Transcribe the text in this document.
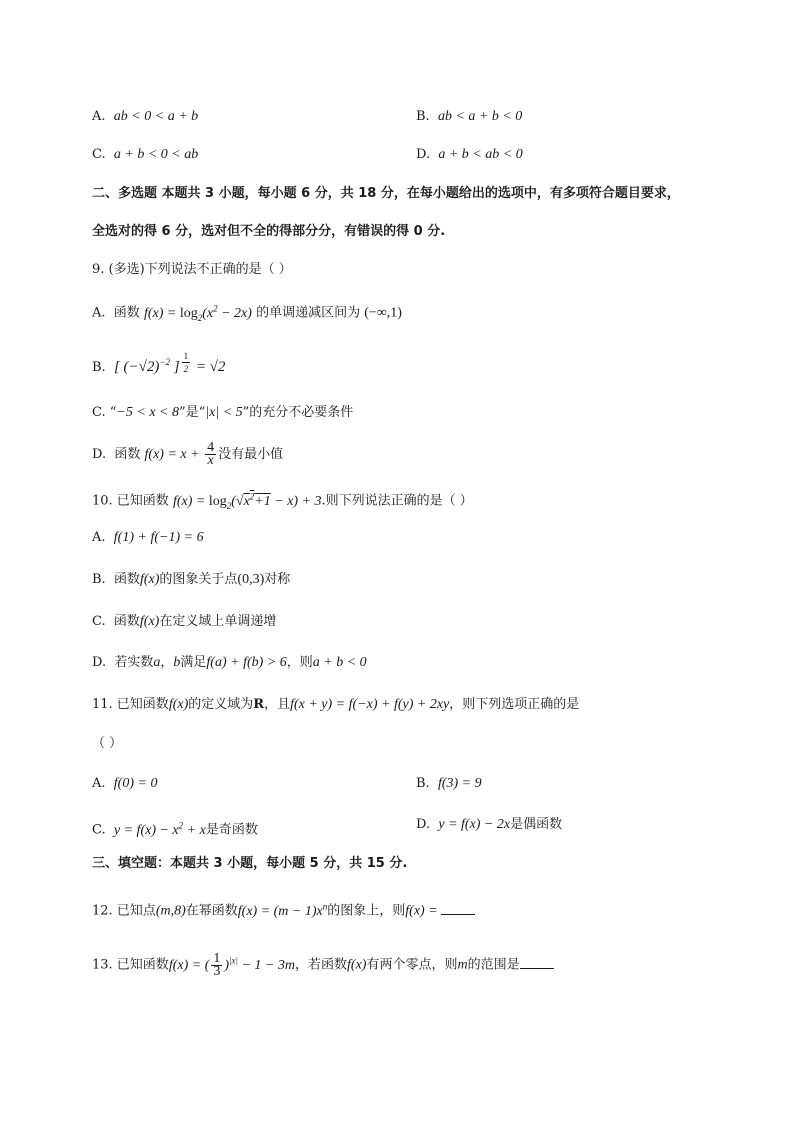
A. ab < 0 < a + b	B. ab < a + b < 0
C. a + b < 0 < ab	D. a + b < ab < 0
二、多选题 本题共 3 小题，每小题 6 分，共 18 分，在每小题给出的选项中，有多项符合题目要求，
全选对的得 6 分，选对但不全的得部分分，有错误的得 0 分.
9. (多选)下列说法不正确的是（ ）
A. 函数 $f(x) = \log_2(x^2 - 2x)$ 的单调递减区间为 (−∞,1)
B.  [ $(-√2)^{-2}$ ] $^{\frac{1}{2}}$ = √2
C. “−5 < x < 8”是“|x| < 5”的充分不必要条件
D. 函数 $f(x) = x + \frac{4}{x}$ 没有最小值
10. 已知函数 $f(x) = \log_2(√x^2+1 - x) + 3$.则下列说法正确的是（ ）
A. f(1) + f(−1) = 6
B. 函数f(x)的图象关于点(0,3)对称
C. 函数f(x)在定义域上单调递增
D. 若实数a，b满足f(a) + f(b) > 6，则a + b < 0
11. 已知函数f(x)的定义域为R，且f(x + y) = f(−x) + f(y) + 2xy，则下列选项正确的是
（ ）
A. f(0) = 0	B. f(3) = 9
C. $y = f(x) - x^2 + x$是奇函数	D. y = f(x) − 2x是偶函数
三、填空题：本题共 3 小题，每小题 5 分，共 15 分.
12. 已知点(m,8)在幂函数$f(x) = (m - 1)x^n$的图象上，则f(x) =
13. 已知函数f(x) = ( $\frac{1}{3} )^{|x|} - 1 - 3m$，若函数f(x)有两个零点，则m的范围是
